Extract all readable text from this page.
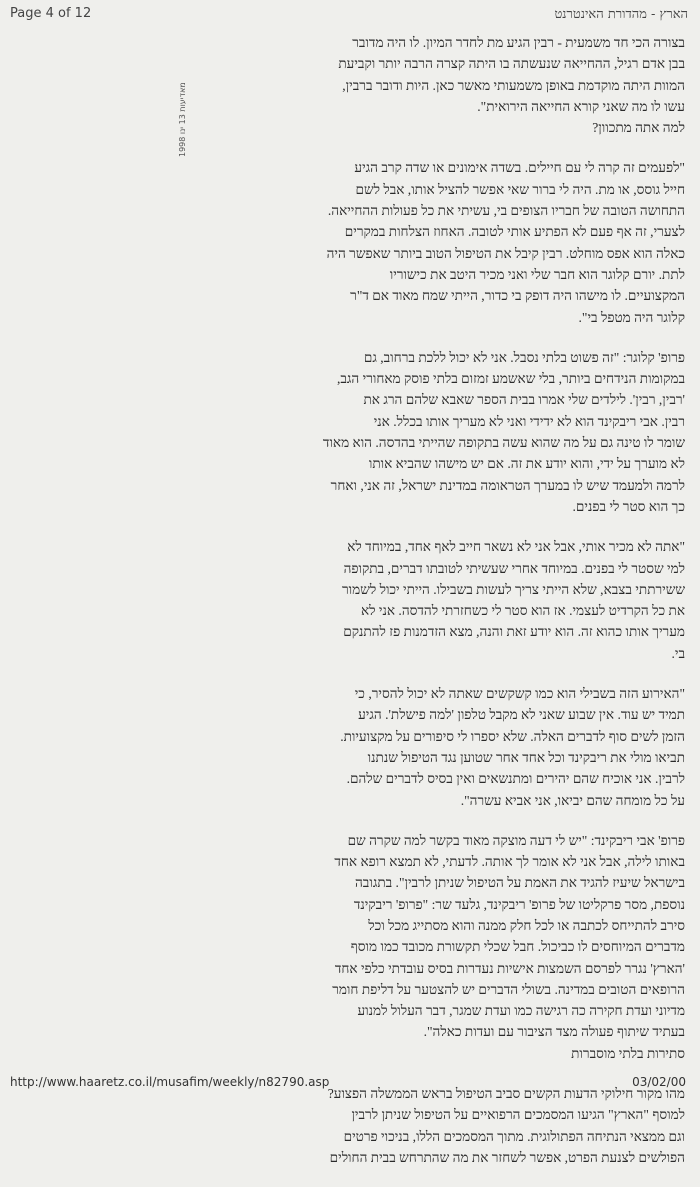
Page 4 of 12	הארץ - מהדורת האינטרנט
מאדיעות 13 ינו 1998

בצורה הכי חד משמעית - רבין הגיע מת לחדר המיון. לו היה מדובר
בבן אדם רגיל, ההחייאה שנעשתה בו היתה קצרה הרבה יותר וקביעת
המוות היתה מוקדמת באופן משמעותי מאשר כאן. היות ודובר ברבין,
עשו לו מה שאני קורא החייאה הירואית".
למה אתה מתכוון?

"לפעמים זה קרה לי עם חיילים. בשדה אימונים או שדה קרב הגיע
חייל גוסס, או מת. היה לי ברור שאי אפשר להציל אותו, אבל לשם
התחושה הטובה של חבריו הצופים בי, עשיתי את כל פעולות ההחייאה.
לצערי, זה אף פעם לא הפתיע אותי לטובה. האחוז הצלחות במקרים
כאלה הוא אפס מוחלט. רבין קיבל את הטיפול הטוב ביותר שאפשר היה
לתת. יורם קלוגר הוא חבר שלי ואני מכיר היטב את כישוריו
המקצועיים. לו מישהו היה דופק בי כדור, הייתי שמח מאוד אם ד"ר
קלוגר היה מטפל בי".

פרופ' קלוגר: "זה פשוט בלתי נסבל. אני לא יכול ללכת ברחוב, גם
במקומות הנידחים ביותר, בלי שאשמע זמזום בלתי פוסק מאחורי הגב,
'רבין, רבין'. לילדים שלי אמרו בבית הספר שאבא שלהם הרג את
רבין. אבי ריבקינד הוא לא ידידי ואני לא מעריך אותו בכלל. אני
שומר לו טינה גם על מה שהוא עשה בתקופה שהייתי בהדסה. הוא מאוד
לא מוערך על ידי, והוא יודע את זה. אם יש מישהו שהביא אותו
לרמה ולמעמד שיש לו במערך הטראומה במדינת ישראל, זה אני, ואחר
כך הוא סטר לי בפנים.

"אתה לא מכיר אותי, אבל אני לא נשאר חייב לאף אחד, במיוחד לא
למי שסטר לי בפנים. במיוחד אחרי שעשיתי לטובתו דברים, בתקופה
ששירתתי בצבא, שלא הייתי צריך לעשות בשבילו. הייתי יכול לשמור
את כל הקרדיט לעצמי. אז הוא סטר לי כשחזרתי להדסה. אני לא
מעריך אותו כהוא זה. הוא יודע זאת והנה, מצא הזדמנות פז להתנקם
בי.

"האירוע הזה בשבילי הוא כמו קשקשים שאתה לא יכול להסיר, כי
תמיד יש עוד. אין שבוע שאני לא מקבל טלפון 'למה פישלת'. הגיע
הזמן לשים סוף לדברים האלה. שלא יספרו לי סיפורים על מקצועיות.
תביאו מולי את ריבקינד וכל אחד אחר שטוען נגד הטיפול שנתנו
לרבין. אני אוכיח שהם יהירים ומתנשאים ואין בסיס לדברים שלהם.
על כל מומחה שהם יביאו, אני אביא עשרה".

פרופ' אבי ריבקינד: "יש לי דעה מוצקה מאוד בקשר למה שקרה שם
באותו לילה, אבל אני לא אומר לך אותה. לדעתי, לא תמצא רופא אחד
בישראל שיעיז להגיד את האמת על הטיפול שניתן לרבין". בתגובה
נוספת, מסר פרקליטו של פרופ' ריבקינד, גלעד שר: "פרופ' ריבקינד
סירב להתייחס לכתבה או לכל חלק ממנה והוא מסתייג מכל וכל
מדברים המיוחסים לו כביכול. חבל שכלי תקשורת מכובד כמו מוסף
'הארץ' נגרר לפרסם השמצות אישיות נעדרות בסיס עובדתי כלפי אחד
הרופאים הטובים במדינה. בשולי הדברים יש להצטער על דליפת חומר
מדיוני ועדת חקירה כה רגישה כמו ועדת שמגר, דבר העלול למנוע
בעתיד שיתוף פעולה מצד הציבור עם ועדות כאלה".
סתירות בלתי מוסברות

מהו מקור חילוקי הדעות הקשים סביב הטיפול בראש הממשלה הפצוע?
למוסף "הארץ" הגיעו המסמכים הרפואיים על הטיפול שניתן לרבין
וגם ממצאי הנתיחה הפתולוגית. מתוך המסמכים הללו, בניכוי פרטים
הפולשים לצנעת הפרט, אפשר לשחזר את מה שהתרחש בבית החולים

http://www.haaretz.co.il/musafim/weekly/n82790.asp	03/02/00
